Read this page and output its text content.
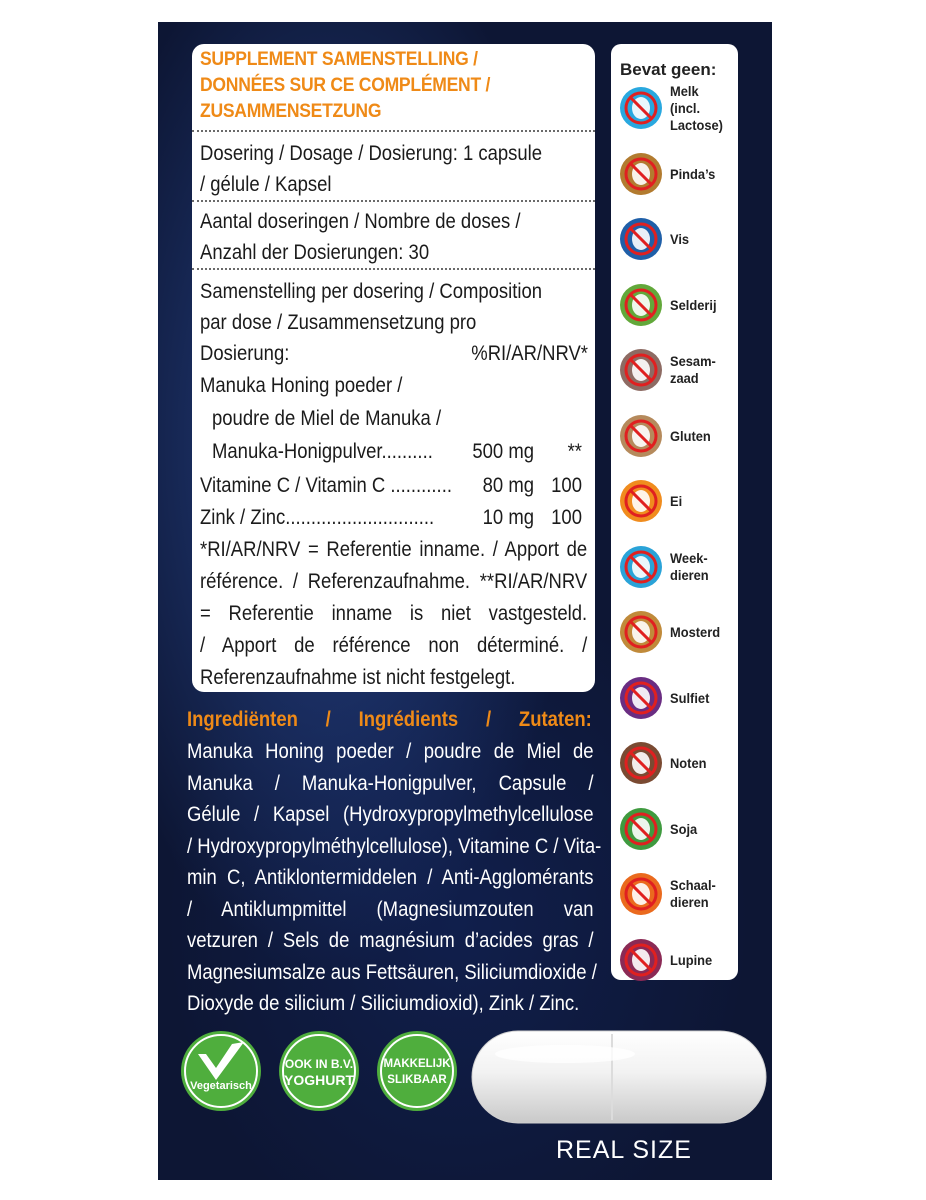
SUPPLEMENT SAMENSTELLING /
DONNÉES SUR CE COMPLÉMENT /
ZUSAMMENSETZUNG
Dosering / Dosage / Dosierung: 1 capsule
/ gélule / Kapsel
Aantal doseringen / Nombre de doses /
Anzahl der Dosierungen: 30
Samenstelling per dosering / Composition
par dose / Zusammensetzung pro
Dosierung:	%RI/AR/NRV*
Manuka Honing poeder /
poudre de Miel de Manuka /
Manuka-Honigpulver..........	500 mg	**
Vitamine C / Vitamin C ............	80 mg 100
Zink / Zinc.............................	10 mg 100
*RI/AR/NRV = Referentie inname. / Apport de
référence. / Referenzaufnahme. **RI/AR/NRV
= Referentie inname is niet vastgesteld.
/ Apport de référence non déterminé. /
Referenzaufnahme ist nicht festgelegt.
Ingrediënten / Ingrédients / Zutaten:
Manuka Honing poeder / poudre de Miel de
Manuka / Manuka-Honigpulver, Capsule /
Gélule / Kapsel (Hydroxypropylmethylcellulose
/ Hydroxypropylméthylcellulose), Vitamine C / Vita-
min C, Antiklontermiddelen / Anti-Agglomérants
/ Antiklumpmittel (Magnesiumzouten van
vetzuren / Sels de magnésium d’acides gras /
Magnesiumsalze aus Fettsäuren, Siliciumdioxide /
Dioxyde de silicium / Siliciumdioxid), Zink / Zinc.
Bevat geen:
Melk
(incl.
Lactose)
Pinda’s
Vis
Selderij
Sesam-
zaad
Gluten
Ei
Week-
dieren
Mosterd
Sulfiet
Noten
Soja
Schaal-
dieren
Lupine
Vegetarisch
OOK IN B.V.
YOGHURT
MAKKELIJK
SLIKBAAR
REAL SIZE
